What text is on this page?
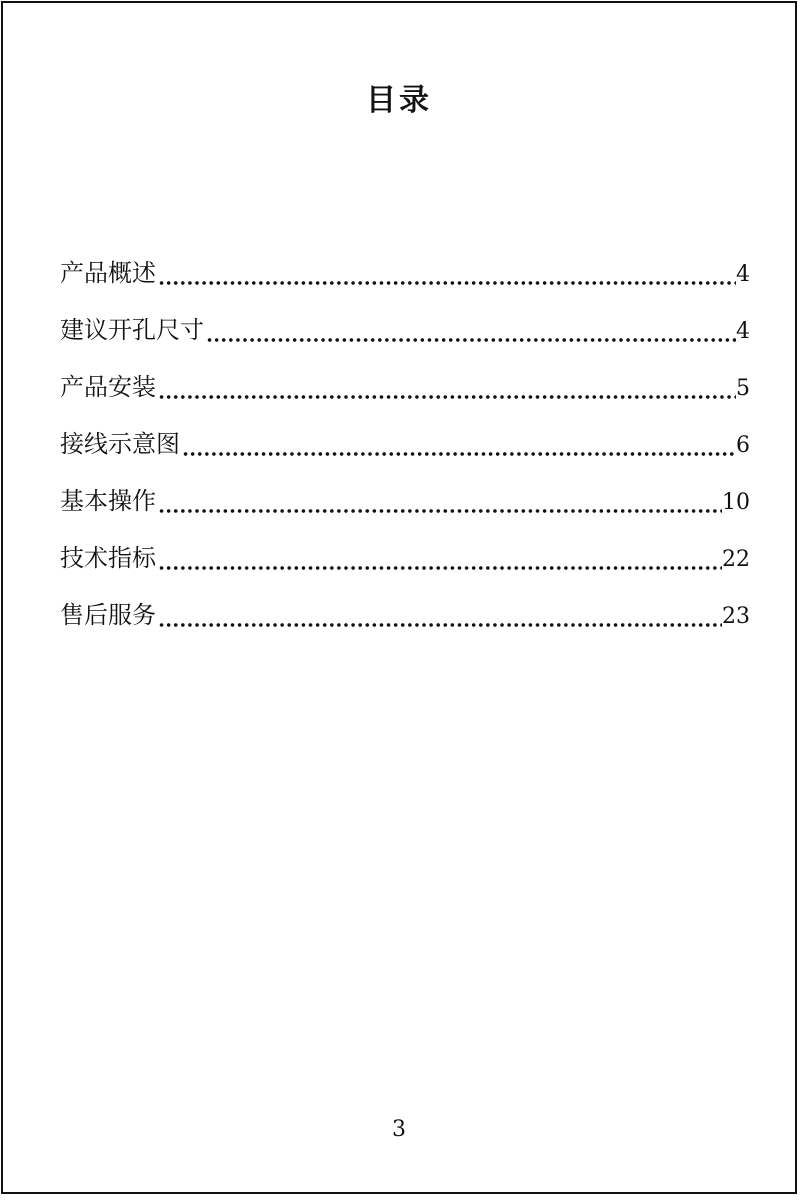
目录
产品概述	4
建议开孔尺寸	4
产品安装	5
接线示意图	6
基本操作	10
技术指标	22
售后服务	23
3
